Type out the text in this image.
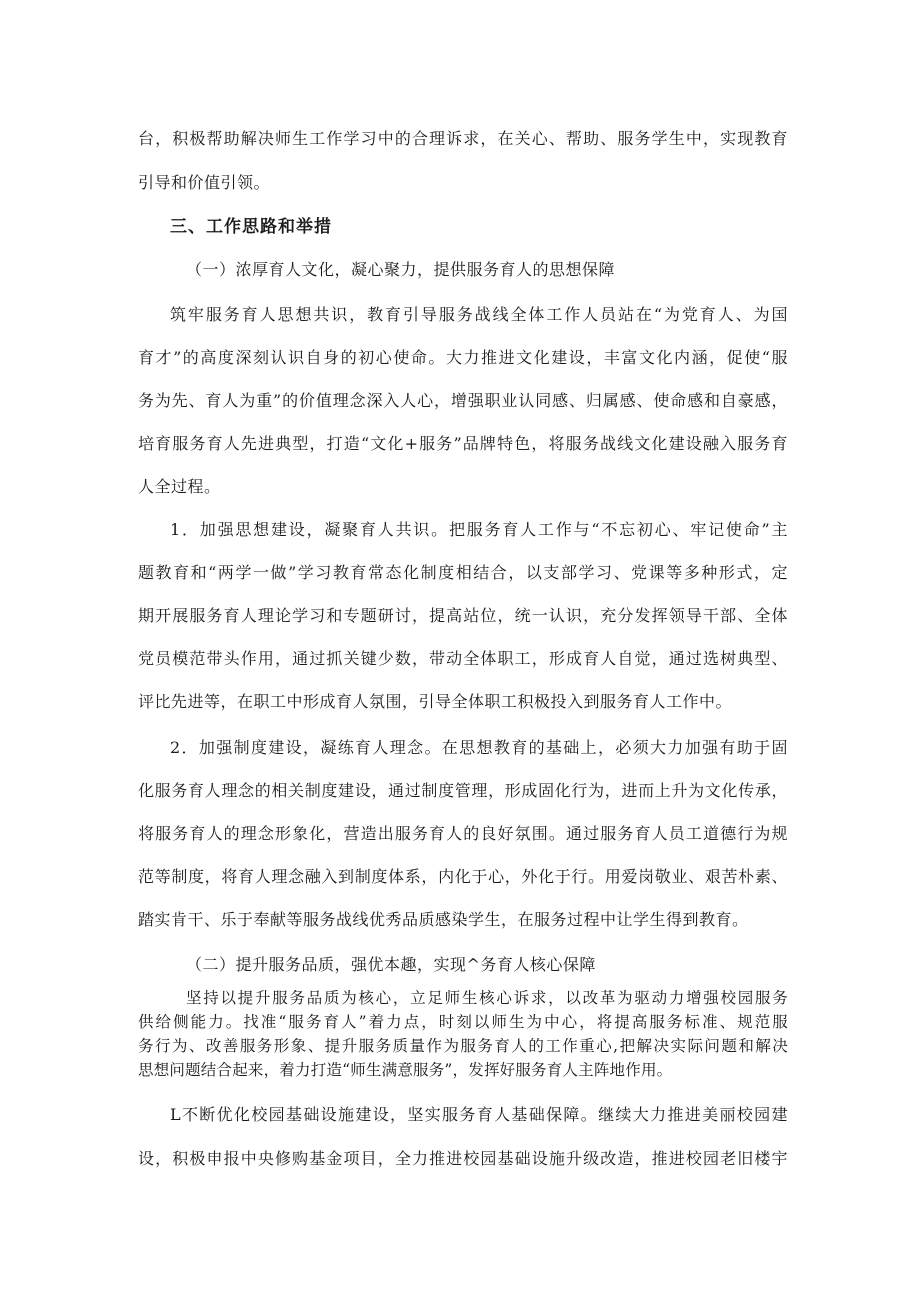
台，积极帮助解决师生工作学习中的合理诉求，在关心、帮助、服务学生中，实现教育
引导和价值引领。
三、工作思路和举措
（一）浓厚育人文化，凝心聚力，提供服务育人的思想保障
筑牢服务育人思想共识，教育引导服务战线全体工作人员站在“为党育人、为国
育才”的高度深刻认识自身的初心使命。大力推进文化建设，丰富文化内涵，促使“服
务为先、育人为重”的价值理念深入人心，增强职业认同感、归属感、使命感和自豪感，
培育服务育人先进典型，打造“文化+服务”品牌特色，将服务战线文化建设融入服务育
人全过程。
1．加强思想建设，凝聚育人共识。把服务育人工作与“不忘初心、牢记使命”主
题教育和“两学一做”学习教育常态化制度相结合，以支部学习、党课等多种形式，定
期开展服务育人理论学习和专题研讨，提高站位，统一认识，充分发挥领导干部、全体
党员模范带头作用，通过抓关键少数，带动全体职工，形成育人自觉，通过选树典型、
评比先进等，在职工中形成育人氛围，引导全体职工积极投入到服务育人工作中。
2．加强制度建设，凝练育人理念。在思想教育的基础上，必须大力加强有助于固
化服务育人理念的相关制度建设，通过制度管理，形成固化行为，进而上升为文化传承，
将服务育人的理念形象化，营造出服务育人的良好氛围。通过服务育人员工道德行为规
范等制度，将育人理念融入到制度体系，内化于心，外化于行。用爱岗敬业、艰苦朴素、
踏实肯干、乐于奉献等服务战线优秀品质感染学生，在服务过程中让学生得到教育。
（二）提升服务品质，强优本趣，实现^务育人核心保障
坚持以提升服务品质为核心，立足师生核心诉求，以改革为驱动力增强校园服务
供给侧能力。找准“服务育人”着力点，时刻以师生为中心，将提高服务标准、规范服
务行为、改善服务形象、提升服务质量作为服务育人的工作重心,把解决实际问题和解决
思想问题结合起来，着力打造“师生满意服务”，发挥好服务育人主阵地作用。
L不断优化校园基础设施建设，坚实服务育人基础保障。继续大力推进美丽校园建
设，积极申报中央修购基金项目，全力推进校园基础设施升级改造，推进校园老旧楼宇
